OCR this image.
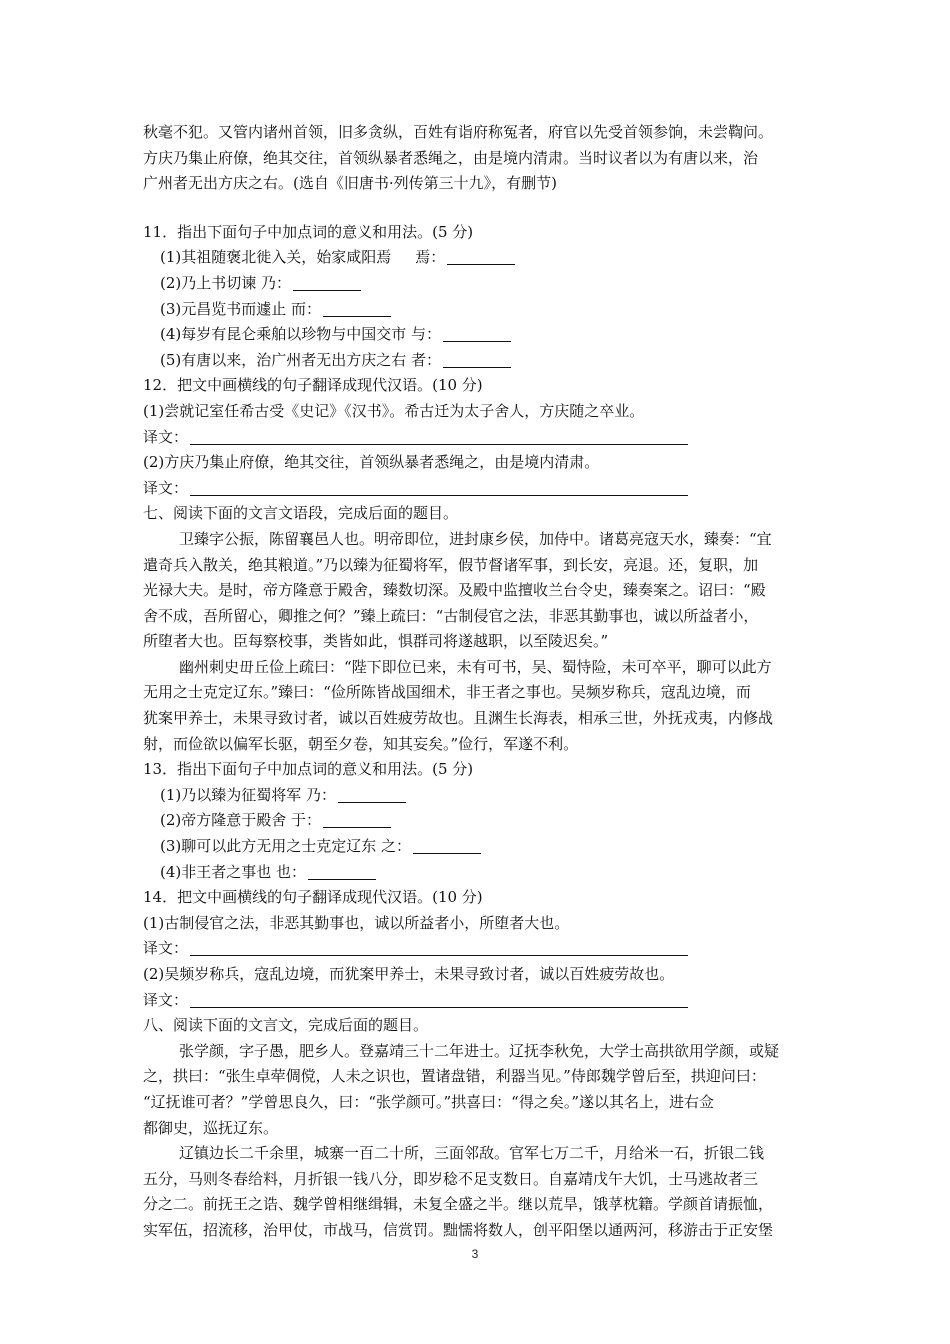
秋毫不犯。又管内诸州首领，旧多贪纵，百姓有诣府称冤者，府官以先受首领参饷，未尝鞫问。
方庆乃集止府僚，绝其交往，首领纵暴者悉绳之，由是境内清肃。当时议者以为有唐以来，治
广州者无出方庆之右。(选自《旧唐书·列传第三十九》，有删节)
11．指出下面句子中加点词的意义和用法。(5 分)
(1)其祖随褒北徙入关，始家咸阳焉 焉：
(2)乃上书切谏 乃：
(3)元昌览书而遽止 而：
(4)每岁有昆仑乘舶以珍物与中国交市 与：
(5)有唐以来，治广州者无出方庆之右 者：
12．把文中画横线的句子翻译成现代汉语。(10 分)
(1)尝就记室任希古受《史记》《汉书》。希古迁为太子舍人，方庆随之卒业。
译文：
(2)方庆乃集止府僚，绝其交往，首领纵暴者悉绳之，由是境内清肃。
译文：
七、阅读下面的文言文语段，完成后面的题目。
卫臻字公振，陈留襄邑人也。明帝即位，进封康乡侯，加侍中。诸葛亮寇天水，臻奏：“宜
遣奇兵入散关，绝其粮道。”乃以臻为征蜀将军，假节督诸军事，到长安，亮退。还，复职，加
光禄大夫。是时，帝方隆意于殿舍，臻数切深。及殿中监擅收兰台令史，臻奏案之。诏曰：“殿
舍不成，吾所留心，卿推之何？”臻上疏曰：“古制侵官之法，非恶其勤事也，诚以所益者小，
所堕者大也。臣每察校事，类皆如此，惧群司将遂越职，以至陵迟矣。”
幽州刺史毌丘俭上疏曰：“陛下即位已来，未有可书，吴、蜀恃险，未可卒平，聊可以此方
无用之士克定辽东。”臻曰：“俭所陈皆战国细术，非王者之事也。吴频岁称兵，寇乱边境，而
犹案甲养士，未果寻致讨者，诚以百姓疲劳故也。且渊生长海表，相承三世，外抚戎夷，内修战
射，而俭欲以偏军长驱，朝至夕卷，知其妄矣。”俭行，军遂不利。
13．指出下面句子中加点词的意义和用法。(5 分)
(1)乃以臻为征蜀将军 乃：
(2)帝方隆意于殿舍 于：
(3)聊可以此方无用之士克定辽东 之：
(4)非王者之事也 也：
14．把文中画横线的句子翻译成现代汉语。(10 分)
(1)古制侵官之法，非恶其勤事也，诚以所益者小，所堕者大也。
译文：
(2)吴频岁称兵，寇乱边境，而犹案甲养士，未果寻致讨者，诚以百姓疲劳故也。
译文：
八、阅读下面的文言文，完成后面的题目。
张学颜，字子愚，肥乡人。登嘉靖三十二年进士。辽抚李秋免，大学士高拱欲用学颜，或疑
之，拱曰：“张生卓荦倜傥，人未之识也，置诸盘错，利器当见。”侍郎魏学曾后至，拱迎问曰：
“辽抚谁可者？”学曾思良久，曰：“张学颜可。”拱喜曰：“得之矣。”遂以其名上，进右佥
都御史，巡抚辽东。
辽镇边长二千余里，城寨一百二十所，三面邻敌。官军七万二千，月给米一石，折银二钱
五分，马则冬春给料，月折银一钱八分，即岁稔不足支数日。自嘉靖戊午大饥，士马逃故者三
分之二。前抚王之诰、魏学曾相继缉辑，未复全盛之半。继以荒旱，饿莩枕籍。学颜首请振恤，
实军伍，招流移，治甲仗，市战马，信赏罚。黜懦将数人，创平阳堡以通两河，移游击于正安堡
3
